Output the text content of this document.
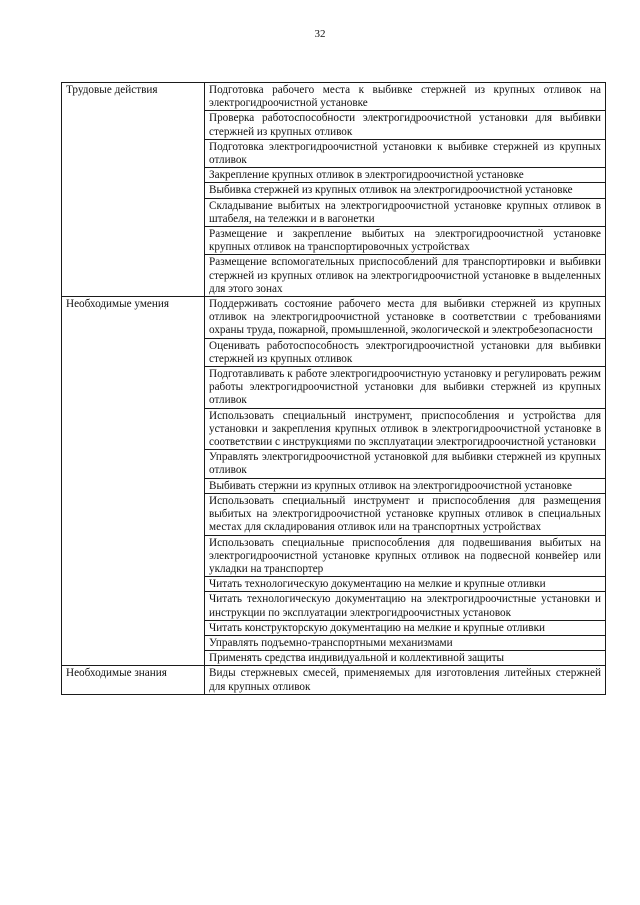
32
Трудовые действия	Подготовка рабочего места к выбивке стержней из крупных отливок на электрогидроочистной установке
	Проверка работоспособности электрогидроочистной установки для выбивки стержней из крупных отливок
	Подготовка электрогидроочистной установки к выбивке стержней из крупных отливок
	Закрепление крупных отливок в электрогидроочистной установке
	Выбивка стержней из крупных отливок на электрогидроочистной установке
	Складывание выбитых на электрогидроочистной установке крупных отливок в штабеля, на тележки и в вагонетки
	Размещение и закрепление выбитых на электрогидроочистной установке крупных отливок на транспортировочных устройствах
	Размещение вспомогательных приспособлений для транспортировки и выбивки стержней из крупных отливок на электрогидроочистной установке в выделенных для этого зонах
Необходимые умения	Поддерживать состояние рабочего места для выбивки стержней из крупных отливок на электрогидроочистной установке в соответствии с требованиями охраны труда, пожарной, промышленной, экологической и электробезопасности
	Оценивать работоспособность электрогидроочистной установки для выбивки стержней из крупных отливок
	Подготавливать к работе электрогидроочистную установку и регулировать режим работы электрогидроочистной установки для выбивки стержней из крупных отливок
	Использовать специальный инструмент, приспособления и устройства для установки и закрепления крупных отливок в электрогидроочистной установке в соответствии с инструкциями по эксплуатации электрогидроочистной установки
	Управлять электрогидроочистной установкой для выбивки стержней из крупных отливок
	Выбивать стержни из крупных отливок на электрогидроочистной установке
	Использовать специальный инструмент и приспособления для размещения выбитых на электрогидроочистной установке крупных отливок в специальных местах для складирования отливок или на транспортных устройствах
	Использовать специальные приспособления для подвешивания выбитых на электрогидроочистной установке крупных отливок на подвесной конвейер или укладки на транспортер
	Читать технологическую документацию на мелкие и крупные отливки
	Читать технологическую документацию на электрогидроочистные установки и инструкции по эксплуатации электрогидроочистных установок
	Читать конструкторскую документацию на мелкие и крупные отливки
	Управлять подъемно-транспортными механизмами
	Применять средства индивидуальной и коллективной защиты
Необходимые знания	Виды стержневых смесей, применяемых для изготовления литейных стержней для крупных отливок
